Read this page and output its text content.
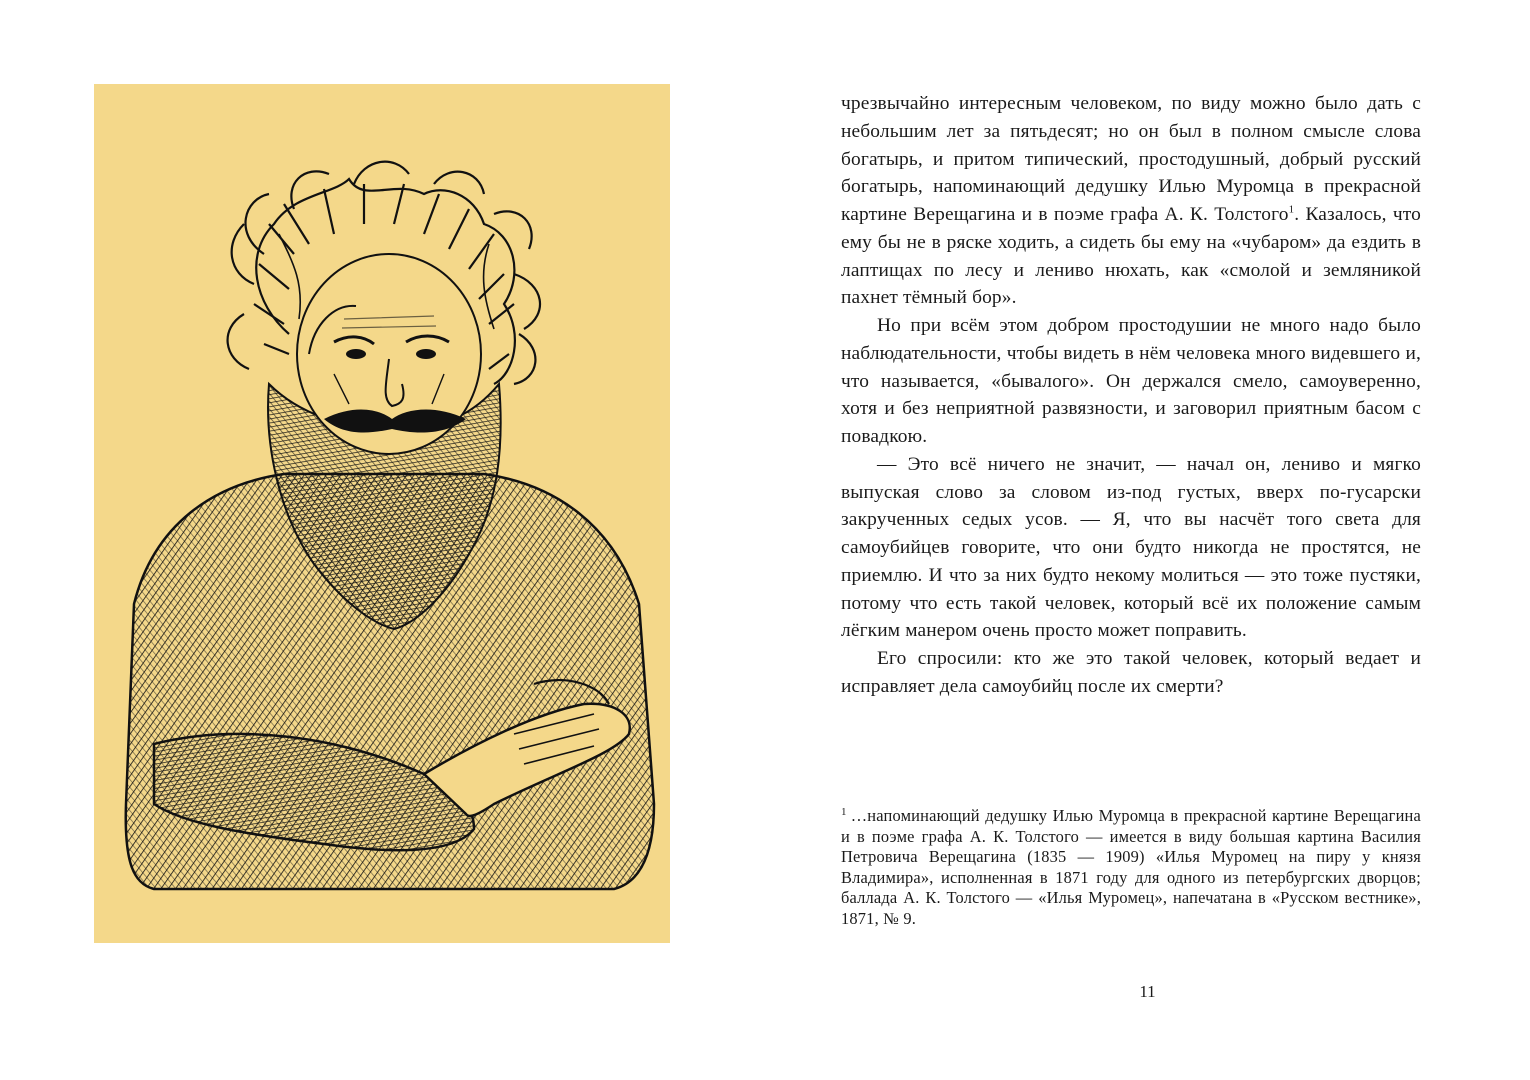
чрезвычайно интересным человеком, по виду можно было дать с небольшим лет за пятьдесят; но он был в полном смысле слова богатырь, и притом типический, простодушный, добрый русский богатырь, напоминающий дедушку Илью Муромца в прекрасной картине Верещагина и в поэме графа А. К. Толстого$^1$. Казалось, что ему бы не в ряске ходить, а сидеть бы ему на «чубаром» да ездить в лаптищах по лесу и лениво нюхать, как «смолой и земляникой пахнет тёмный бор».

Но при всём этом добром простодушии не много надо было наблюдательности, чтобы видеть в нём человека много видевшего и, что называется, «бывалого». Он держался смело, самоуверенно, хотя и без неприятной развязности, и заговорил приятным басом с повадкою.

— Это всё ничего не значит, — начал он, лениво и мягко выпуская слово за словом из-под густых, вверх по-гусарски закрученных седых усов. — Я, что вы насчёт того света для самоубийцев говорите, что они будто никогда не простятся, не приемлю. И что за них будто некому молиться — это тоже пустяки, потому что есть такой человек, который всё их положение самым лёгким манером очень просто может поправить.

Его спросили: кто же это такой человек, который ведает и исправляет дела самоубийц после их смерти?

$^1$ …напоминающий дедушку Илью Муромца в прекрасной картине Верещагина и в поэме графа А. К. Толстого — имеется в виду большая картина Василия Петровича Верещагина (1835 — 1909) «Илья Муромец на пиру у князя Владимира», исполненная в 1871 году для одного из петербургских дворцов; баллада А. К. Толстого — «Илья Муромец», напечатана в «Русском вестнике», 1871, № 9.
11
